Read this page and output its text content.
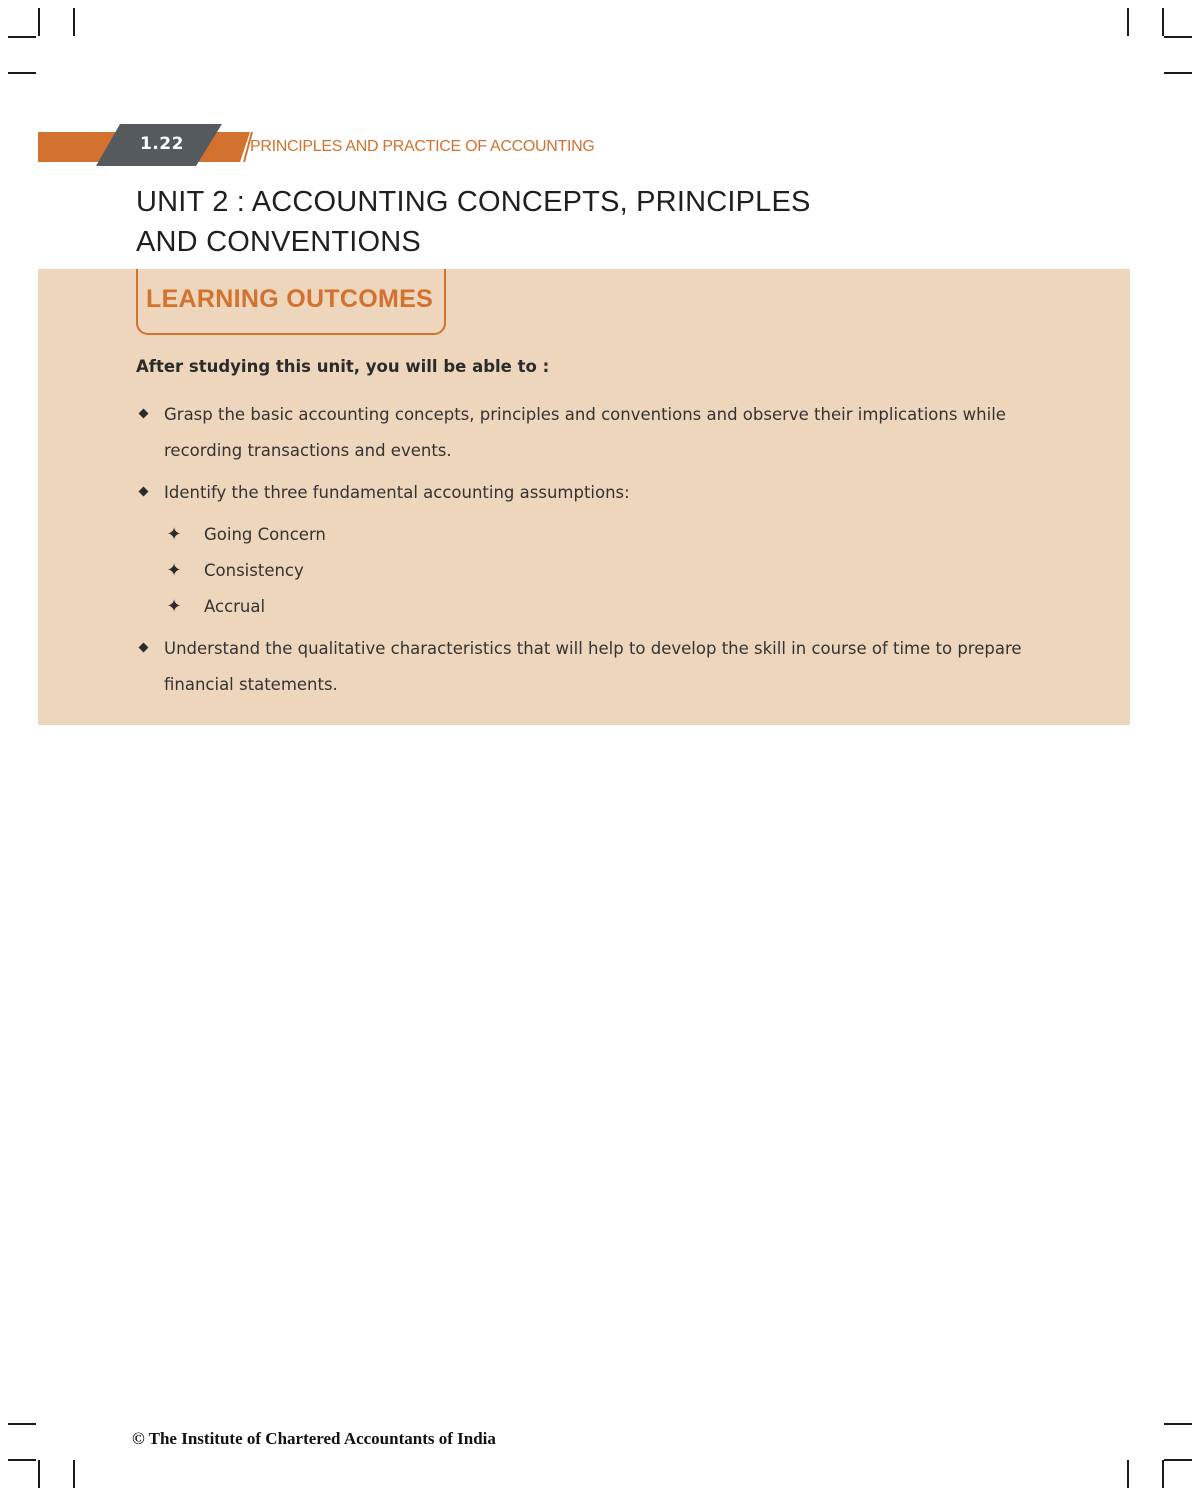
1.22	PRINCIPLES AND PRACTICE OF ACCOUNTING
UNIT 2 : ACCOUNTING CONCEPTS, PRINCIPLES
AND CONVENTIONS
LEARNING OUTCOMES
After studying this unit, you will be able to :
Grasp the basic accounting concepts, principles and conventions and observe their implications while recording transactions and events.
Identify the three fundamental accounting assumptions:
✦ Going Concern
✦ Consistency
✦ Accrual
Understand the qualitative characteristics that will help to develop the skill in course of time to prepare financial statements.
© The Institute of Chartered Accountants of India
